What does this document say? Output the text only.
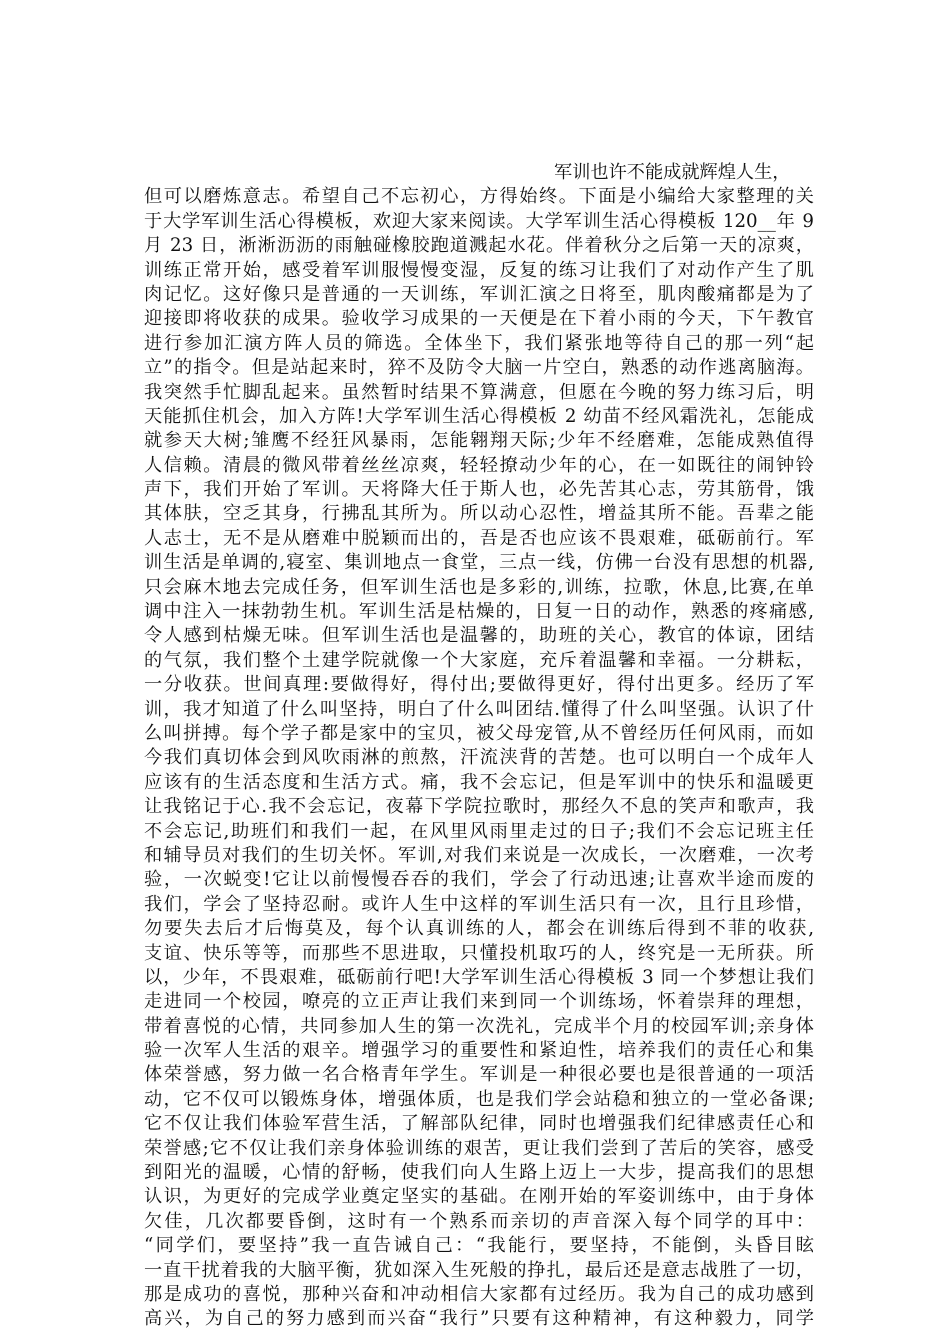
军训也许不能成就辉煌人生，
但可以磨炼意志。希望自己不忘初心，方得始终。下面是小编给大家整理的关
于大学军训生活心得模板，欢迎大家来阅读。大学军训生活心得模板 120__年 9
月 23 日，淅淅沥沥的雨触碰橡胶跑道溅起水花。伴着秋分之后第一天的凉爽，
训练正常开始，感受着军训服慢慢变湿，反复的练习让我们了对动作产生了肌
肉记忆。这好像只是普通的一天训练，军训汇演之日将至，肌肉酸痛都是为了
迎接即将收获的成果。验收学习成果的一天便是在下着小雨的今天，下午教官
进行参加汇演方阵人员的筛选。全体坐下，我们紧张地等待自己的那一列“起
立”的指令。但是站起来时，猝不及防令大脑一片空白，熟悉的动作逃离脑海。
我突然手忙脚乱起来。虽然暂时结果不算满意，但愿在今晚的努力练习后，明
天能抓住机会，加入方阵!大学军训生活心得模板 2 幼苗不经风霜洗礼，怎能成
就参天大树;雏鹰不经狂风暴雨，怎能翱翔天际;少年不经磨难，怎能成熟值得
人信赖。清晨的微风带着丝丝凉爽，轻轻撩动少年的心，在一如既往的闹钟铃
声下，我们开始了军训。天将降大任于斯人也，必先苦其心志，劳其筋骨，饿
其体肤，空乏其身，行拂乱其所为。所以动心忍性，增益其所不能。吾辈之能
人志士，无不是从磨难中脱颖而出的，吾是否也应该不畏艰难，砥砺前行。军
训生活是单调的,寝室、集训地点一食堂，三点一线，仿佛一台没有思想的机器,
只会麻木地去完成任务，但军训生活也是多彩的,训练，拉歌，休息,比赛,在单
调中注入一抹勃勃生机。军训生活是枯燥的，日复一日的动作，熟悉的疼痛感,
令人感到枯燥无味。但军训生活也是温馨的，助班的关心，教官的体谅，团结
的气氛，我们整个土建学院就像一个大家庭，充斥着温馨和幸福。一分耕耘，
一分收获。世间真理:要做得好，得付出;要做得更好，得付出更多。经历了军
训，我才知道了什么叫坚持，明白了什么叫团结.懂得了什么叫坚强。认识了什
么叫拼搏。每个学子都是家中的宝贝，被父母宠管,从不曾经历任何风雨，而如
今我们真切体会到风吹雨淋的煎熬，汗流浃背的苦楚。也可以明白一个成年人
应该有的生活态度和生活方式。痛，我不会忘记，但是军训中的快乐和温暖更
让我铭记于心.我不会忘记，夜幕下学院拉歌时，那经久不息的笑声和歌声，我
不会忘记,助班们和我们一起，在风里风雨里走过的日子;我们不会忘记班主任
和辅导员对我们的生切关怀。军训,对我们来说是一次成长，一次磨难，一次考
验，一次蜕变!它让以前慢慢吞吞的我们，学会了行动迅速;让喜欢半途而废的
我们，学会了坚持忍耐。或许人生中这样的军训生活只有一次，且行且珍惜，
勿要失去后才后悔莫及，每个认真训练的人，都会在训练后得到不菲的收获,
支谊、快乐等等，而那些不思进取，只懂投机取巧的人，终究是一无所获。所
以，少年，不畏艰难，砥砺前行吧!大学军训生活心得模板 3 同一个梦想让我们
走进同一个校园，嘹亮的立正声让我们来到同一个训练场，怀着崇拜的理想，
带着喜悦的心情，共同参加人生的第一次洗礼，完成半个月的校园军训;亲身体
验一次军人生活的艰辛。增强学习的重要性和紧迫性，培养我们的责任心和集
体荣誉感，努力做一名合格青年学生。军训是一种很必要也是很普通的一项活
动，它不仅可以锻炼身体，增强体质，也是我们学会站稳和独立的一堂必备课;
它不仅让我们体验军营生活，了解部队纪律，同时也增强我们纪律感责任心和
荣誉感;它不仅让我们亲身体验训练的艰苦，更让我们尝到了苦后的笑容，感受
到阳光的温暖，心情的舒畅，使我们向人生路上迈上一大步，提高我们的思想
认识，为更好的完成学业奠定坚实的基础。在刚开始的军姿训练中，由于身体
欠佳，几次都要昏倒，这时有一个熟系而亲切的声音深入每个同学的耳中：
“同学们，要坚持”我一直告诫自己：“我能行，要坚持，不能倒，头昏目眩
一直干扰着我的大脑平衡，犹如深入生死般的挣扎，最后还是意志战胜了一切，
那是成功的喜悦，那种兴奋和冲动相信大家都有过经历。我为自己的成功感到
高兴，为自己的努力感到而兴奋“我行”只要有这种精神，有这种毅力，同学
